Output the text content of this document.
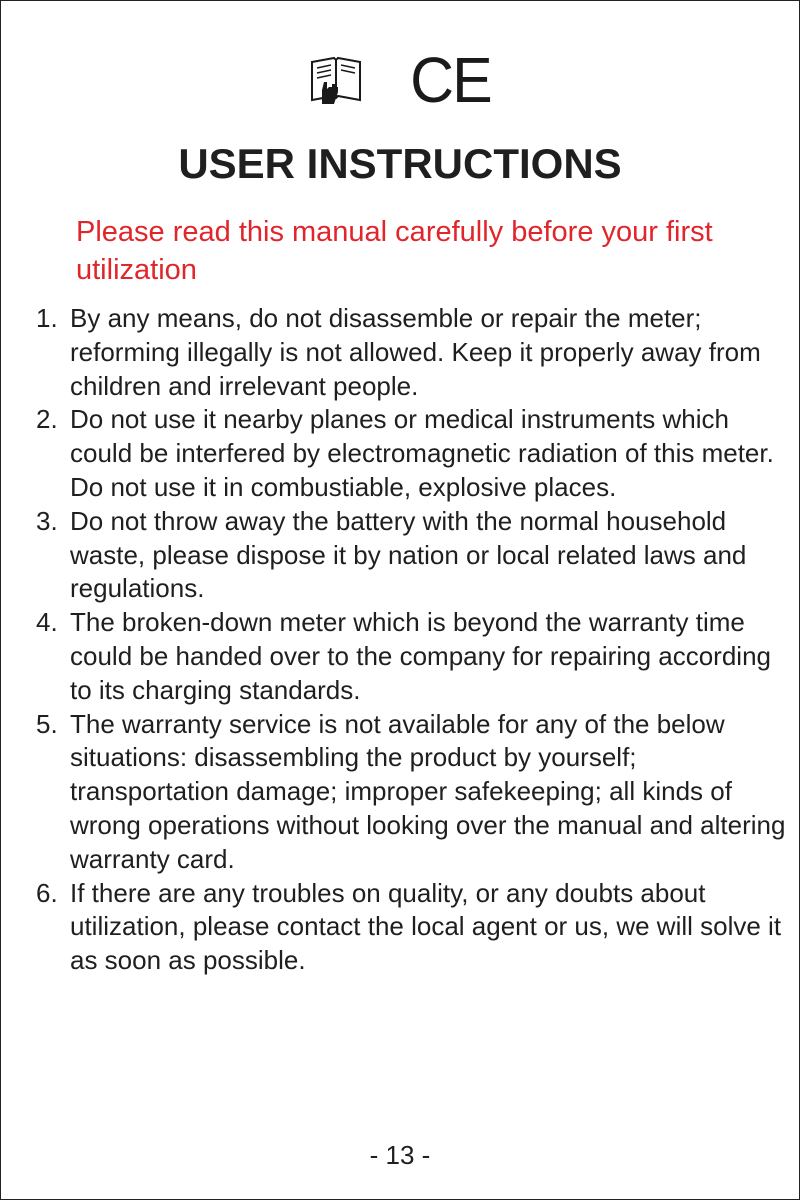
CE
USER INSTRUCTIONS

Please read this manual carefully before your first utilization

1. By any means, do not disassemble or repair the meter; reforming illegally is not allowed. Keep it properly away from children and irrelevant people.
2. Do not use it nearby planes or medical instruments which could be interfered by electromagnetic radiation of this meter. Do not use it in combustiable, explosive places.
3. Do not throw away the battery with the normal household waste, please dispose it by nation or local related laws and regulations.
4. The broken-down meter which is beyond the warranty time could be handed over to the company for repairing according to its charging standards.
5. The warranty service is not available for any of the below situations: disassembling the product by yourself; transportation damage; improper safekeeping; all kinds of wrong operations without looking over the manual and altering warranty card.
6. If there are any troubles on quality, or any doubts about utilization, please contact the local agent or us, we will solve it as soon as possible.
- 13 -
